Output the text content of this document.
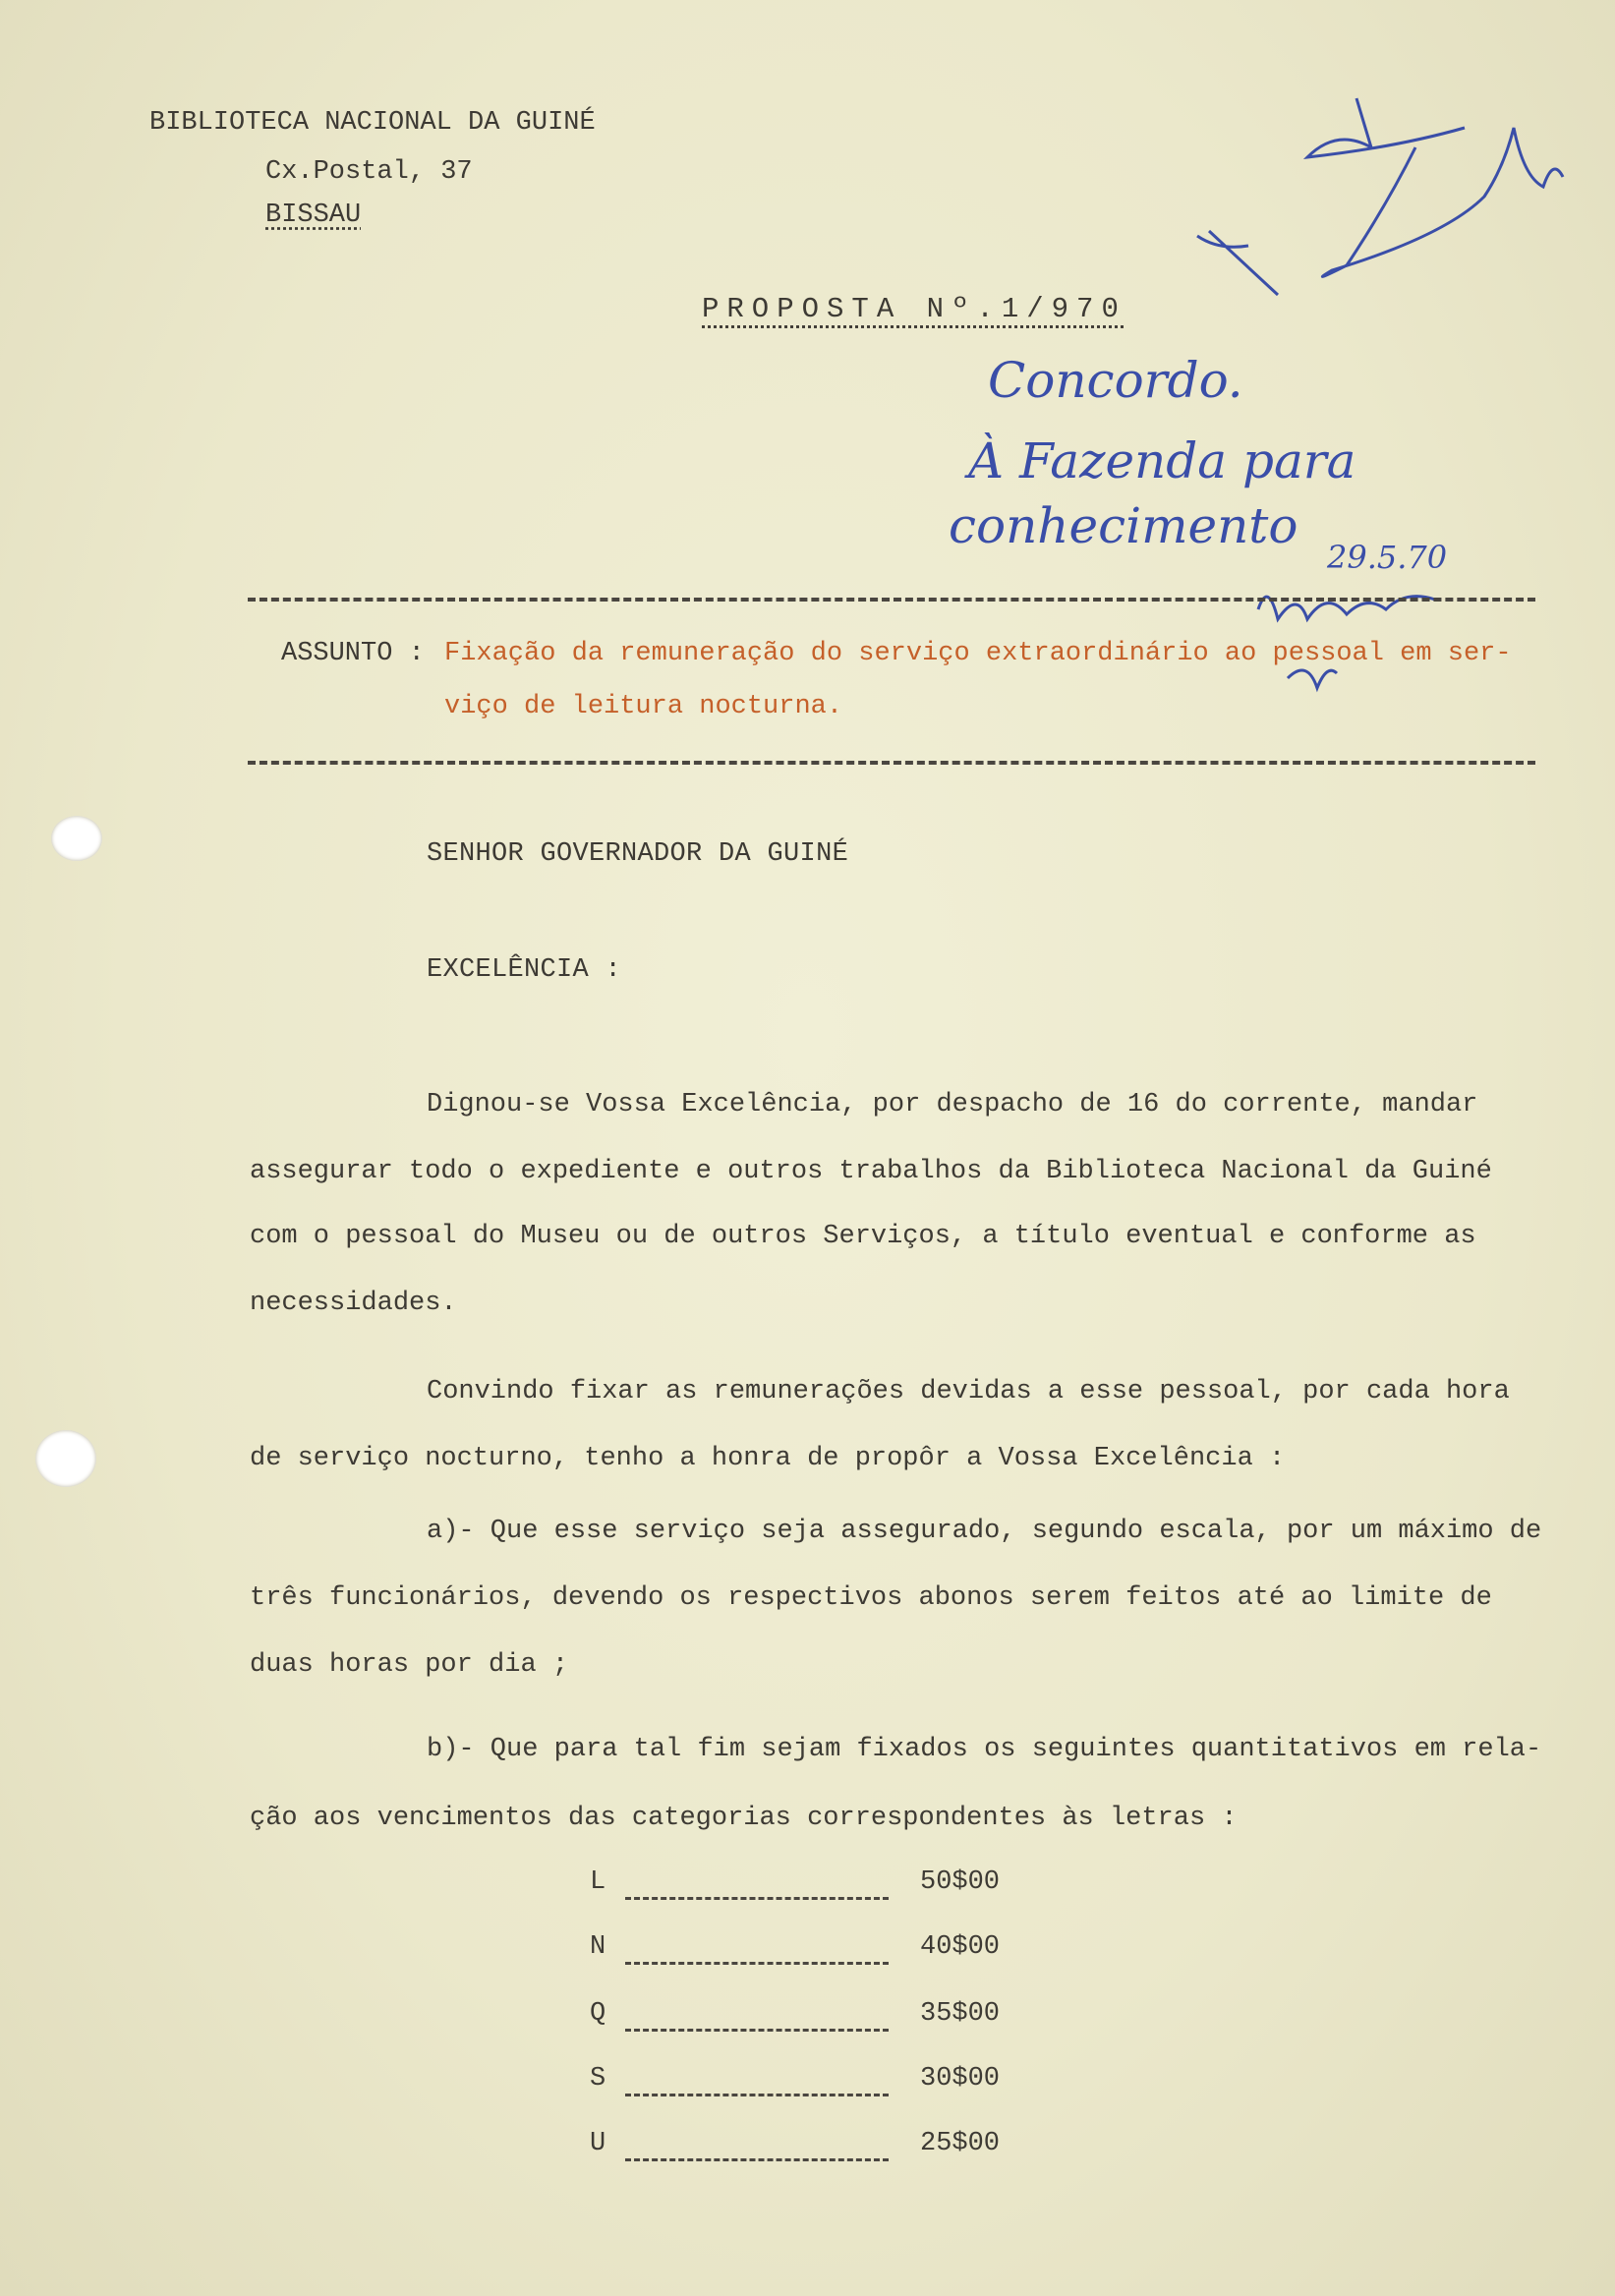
BIBLIOTECA NACIONAL DA GUINÉ
Cx.Postal, 37
BISSAU
PROPOSTA Nº.1/970
Concordo.
À Fazenda para
conhecimento
29.5.70
ASSUNTO : Fixação da remuneração do serviço extraordinário ao pessoal em ser-
viço de leitura nocturna.
SENHOR GOVERNADOR DA GUINÉ
EXCELÊNCIA :
Dignou-se Vossa Excelência, por despacho de 16 do corrente, mandar
assegurar todo o expediente e outros trabalhos da Biblioteca Nacional da Guiné
com o pessoal do Museu ou de outros Serviços, a título eventual e conforme as
necessidades.
Convindo fixar as remunerações devidas a esse pessoal, por cada hora
de serviço nocturno, tenho a honra de propôr a Vossa Excelência :
a)- Que esse serviço seja assegurado, segundo escala, por um máximo de
três funcionários, devendo os respectivos abonos serem feitos até ao limite de
duas horas por dia ;
b)- Que para tal fim sejam fixados os seguintes quantitativos em rela-
ção aos vencimentos das categorias correspondentes às letras :
L	50$00
N	40$00
Q	35$00
S	30$00
U	25$00
